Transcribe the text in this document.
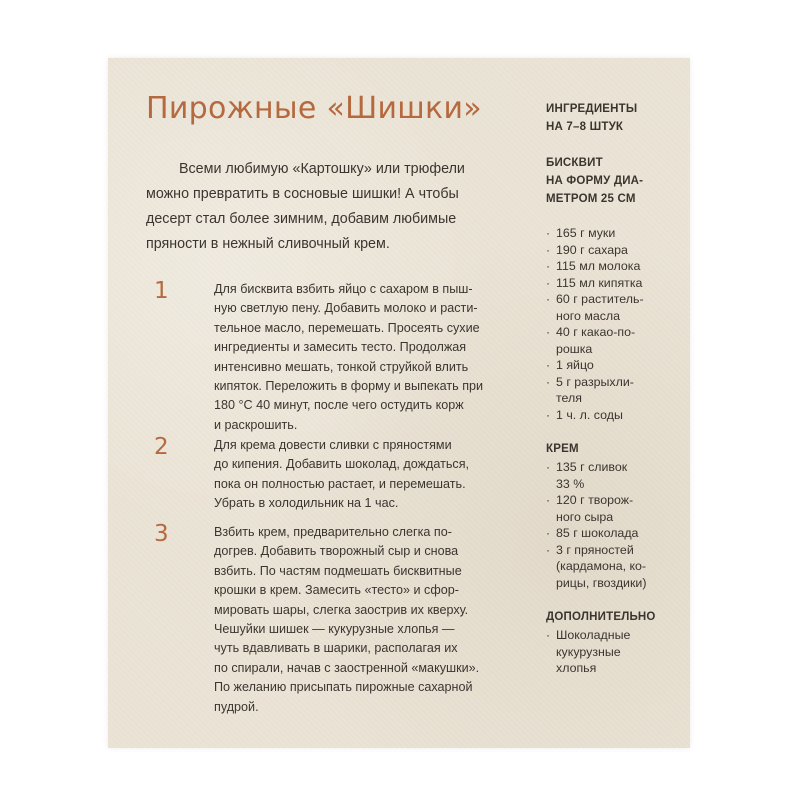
Пирожные «Шишки»
Всеми любимую «Картошку» или трюфели
можно превратить в сосновые шишки! А чтобы
десерт стал более зимним, добавим любимые
пряности в нежный сливочный крем.
1	Для бисквита взбить яйцо с сахаром в пыш-
ную светлую пену. Добавить молоко и расти-
тельное масло, перемешать. Просеять сухие
ингредиенты и замесить тесто. Продолжая
интенсивно мешать, тонкой струйкой влить
кипяток. Переложить в форму и выпекать при
180 °С 40 минут, после чего остудить корж
и раскрошить.
2	Для крема довести сливки с пряностями
до кипения. Добавить шоколад, дождаться,
пока он полностью растает, и перемешать.
Убрать в холодильник на 1 час.
3	Взбить крем, предварительно слегка по-
догрев. Добавить творожный сыр и снова
взбить. По частям подмешать бисквитные
крошки в крем. Замесить «тесто» и сфор-
мировать шары, слегка заострив их кверху.
Чешуйки шишек — кукурузные хлопья —
чуть вдавливать в шарики, располагая их
по спирали, начав с заостренной «макушки».
По желанию присыпать пирожные сахарной
пудрой.
ИНГРЕДИЕНТЫ
НА 7–8 ШТУК
БИСКВИТ
НА ФОРМУ ДИА-
МЕТРОМ 25 СМ
· 165 г муки
· 190 г сахара
· 115 мл молока
· 115 мл кипятка
· 60 г раститель-
ного масла
· 40 г какао-по-
рошка
· 1 яйцо
· 5 г разрыхли-
теля
· 1 ч. л. соды
КРЕМ
· 135 г сливок
33 %
· 120 г творож-
ного сыра
· 85 г шоколада
· 3 г пряностей
(кардамона, ко-
рицы, гвоздики)
ДОПОЛНИТЕЛЬНО
· Шоколадные
кукурузные
хлопья
